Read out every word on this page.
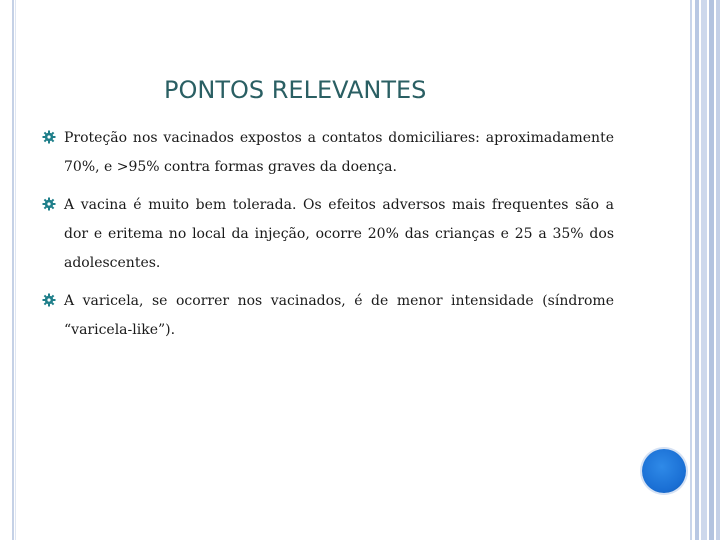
PONTOS RELEVANTES
Proteção nos vacinados expostos a contatos domiciliares: aproximadamente 70%, e >95% contra formas graves da doença.
A vacina é muito bem tolerada. Os efeitos adversos mais frequentes são a dor e eritema no local da injeção, ocorre 20% das crianças e 25 a 35% dos adolescentes.
A varicela, se ocorrer nos vacinados, é de menor intensidade (síndrome “varicela-like”).
